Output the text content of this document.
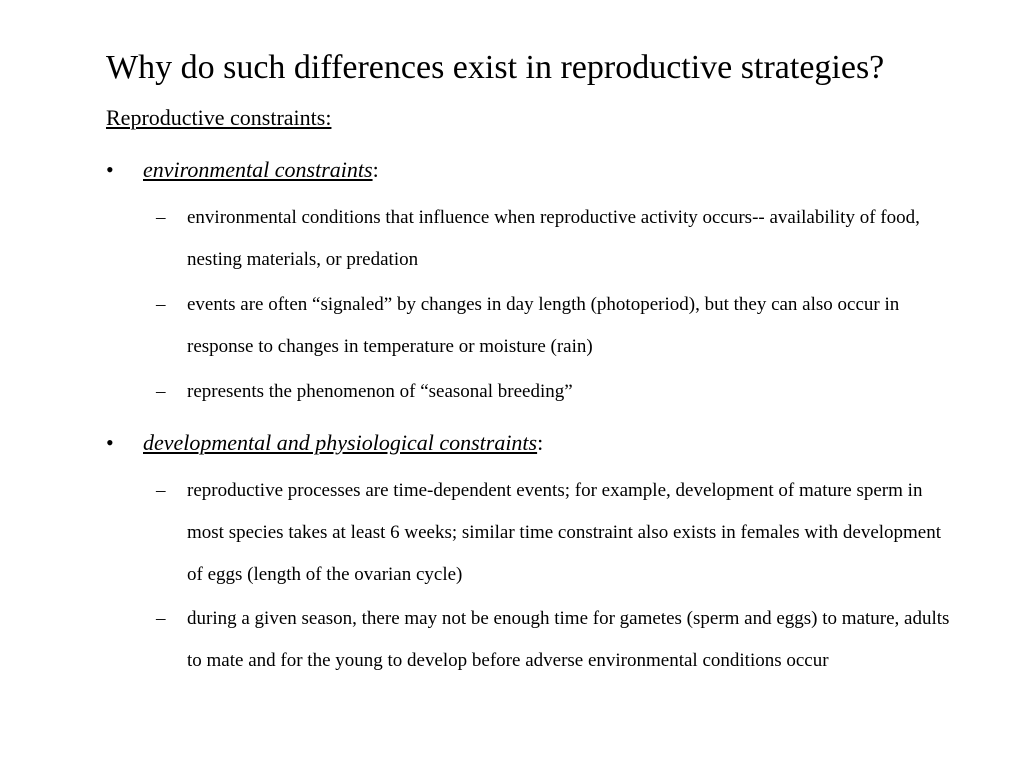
Why do such differences exist in reproductive strategies?
Reproductive constraints:
• environmental constraints:
– environmental conditions that influence when reproductive activity occurs-- availability of food, nesting materials, or predation
– events are often “signaled” by changes in day length (photoperiod), but they can also occur in response to changes in temperature or moisture (rain)
– represents the phenomenon of “seasonal breeding”
• developmental and physiological constraints:
– reproductive processes are time-dependent events; for example, development of mature sperm in most species takes at least 6 weeks; similar time constraint also exists in females with development of eggs (length of the ovarian cycle)
– during a given season, there may not be enough time for gametes (sperm and eggs) to mature, adults to mate and for the young to develop before adverse environmental conditions occur
